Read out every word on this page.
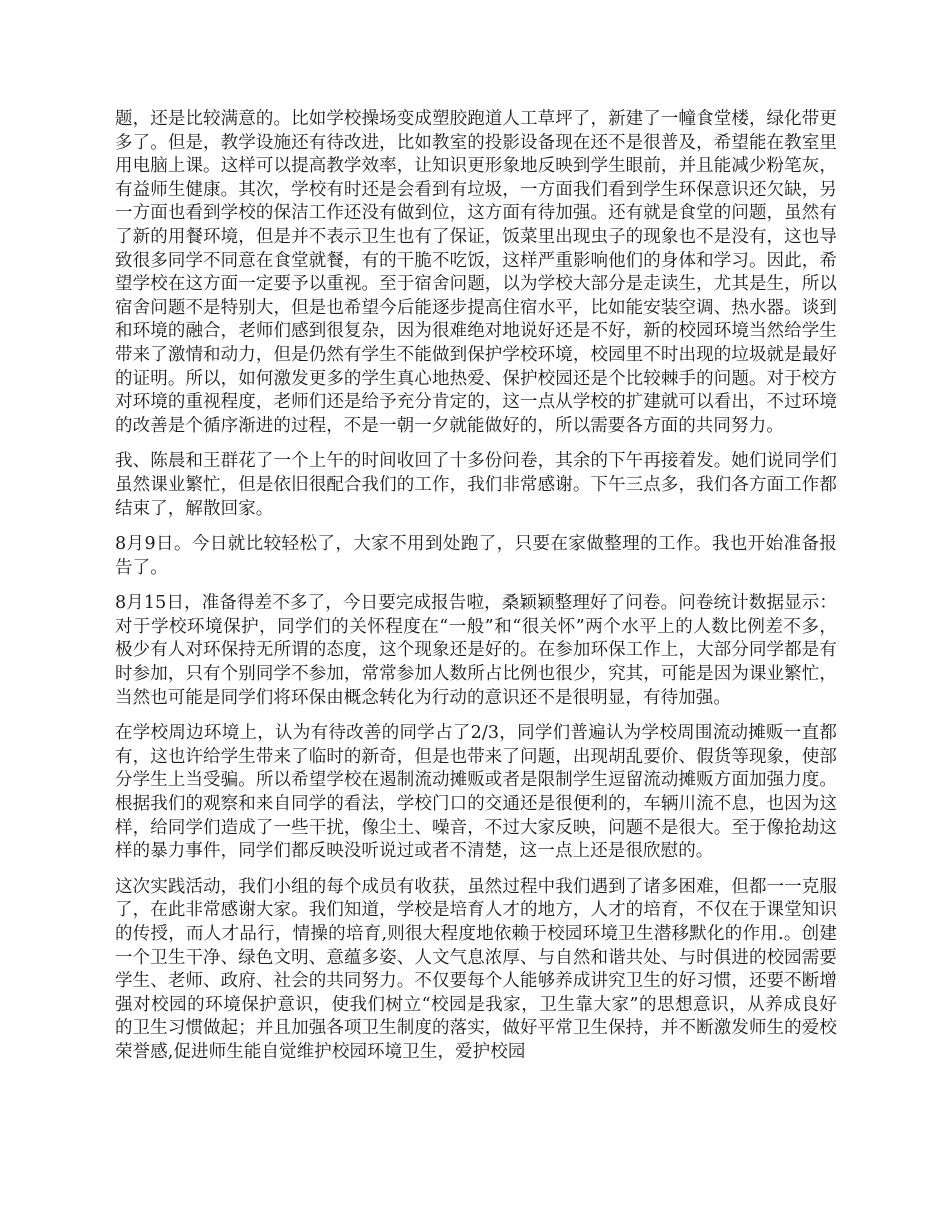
题，还是比较满意的。比如学校操场变成塑胶跑道人工草坪了，新建了一幢食堂楼，绿化带更多了。但是，教学设施还有待改进，比如教室的投影设备现在还不是很普及，希望能在教室里用电脑上课。这样可以提高教学效率，让知识更形象地反映到学生眼前，并且能减少粉笔灰，有益师生健康。其次，学校有时还是会看到有垃圾，一方面我们看到学生环保意识还欠缺，另一方面也看到学校的保洁工作还没有做到位，这方面有待加强。还有就是食堂的问题，虽然有了新的用餐环境，但是并不表示卫生也有了保证，饭菜里出现虫子的现象也不是没有，这也导致很多同学不同意在食堂就餐，有的干脆不吃饭，这样严重影响他们的身体和学习。因此，希望学校在这方面一定要予以重视。至于宿舍问题，以为学校大部分是走读生，尤其是生，所以宿舍问题不是特别大，但是也希望今后能逐步提高住宿水平，比如能安装空调、热水器。谈到和环境的融合，老师们感到很复杂，因为很难绝对地说好还是不好，新的校园环境当然给学生带来了激情和动力，但是仍然有学生不能做到保护学校环境，校园里不时出现的垃圾就是最好的证明。所以，如何激发更多的学生真心地热爱、保护校园还是个比较棘手的问题。对于校方对环境的重视程度，老师们还是给予充分肯定的，这一点从学校的扩建就可以看出，不过环境的改善是个循序渐进的过程，不是一朝一夕就能做好的，所以需要各方面的共同努力。

我、陈晨和王群花了一个上午的时间收回了十多份问卷，其余的下午再接着发。她们说同学们虽然课业繁忙，但是依旧很配合我们的工作，我们非常感谢。下午三点多，我们各方面工作都结束了，解散回家。

8月9日。今日就比较轻松了，大家不用到处跑了，只要在家做整理的工作。我也开始准备报告了。

8月15日，准备得差不多了，今日要完成报告啦，桑颖颖整理好了问卷。问卷统计数据显示：对于学校环境保护，同学们的关怀程度在“一般”和“很关怀”两个水平上的人数比例差不多，极少有人对环保持无所谓的态度，这个现象还是好的。在参加环保工作上，大部分同学都是有时参加，只有个别同学不参加，常常参加人数所占比例也很少，究其，可能是因为课业繁忙，当然也可能是同学们将环保由概念转化为行动的意识还不是很明显，有待加强。

在学校周边环境上，认为有待改善的同学占了2/3，同学们普遍认为学校周围流动摊贩一直都有，这也许给学生带来了临时的新奇，但是也带来了问题，出现胡乱要价、假货等现象，使部分学生上当受骗。所以希望学校在遏制流动摊贩或者是限制学生逗留流动摊贩方面加强力度。根据我们的观察和来自同学的看法，学校门口的交通还是很便利的，车辆川流不息，也因为这样，给同学们造成了一些干扰，像尘土、噪音，不过大家反映，问题不是很大。至于像抢劫这样的暴力事件，同学们都反映没听说过或者不清楚，这一点上还是很欣慰的。

这次实践活动，我们小组的每个成员有收获，虽然过程中我们遇到了诸多困难，但都一一克服了，在此非常感谢大家。我们知道，学校是培育人才的地方，人才的培育，不仅在于课堂知识的传授，而人才品行，情操的培育,则很大程度地依赖于校园环境卫生潜移默化的作用.。创建一个卫生干净、绿色文明、意蕴多姿、人文气息浓厚、与自然和谐共处、与时俱进的校园需要学生、老师、政府、社会的共同努力。不仅要每个人能够养成讲究卫生的好习惯，还要不断增强对校园的环境保护意识，使我们树立“校园是我家，卫生靠大家”的思想意识，从养成良好的卫生习惯做起；并且加强各项卫生制度的落实，做好平常卫生保持，并不断激发师生的爱校荣誉感,促进师生能自觉维护校园环境卫生，爱护校园
